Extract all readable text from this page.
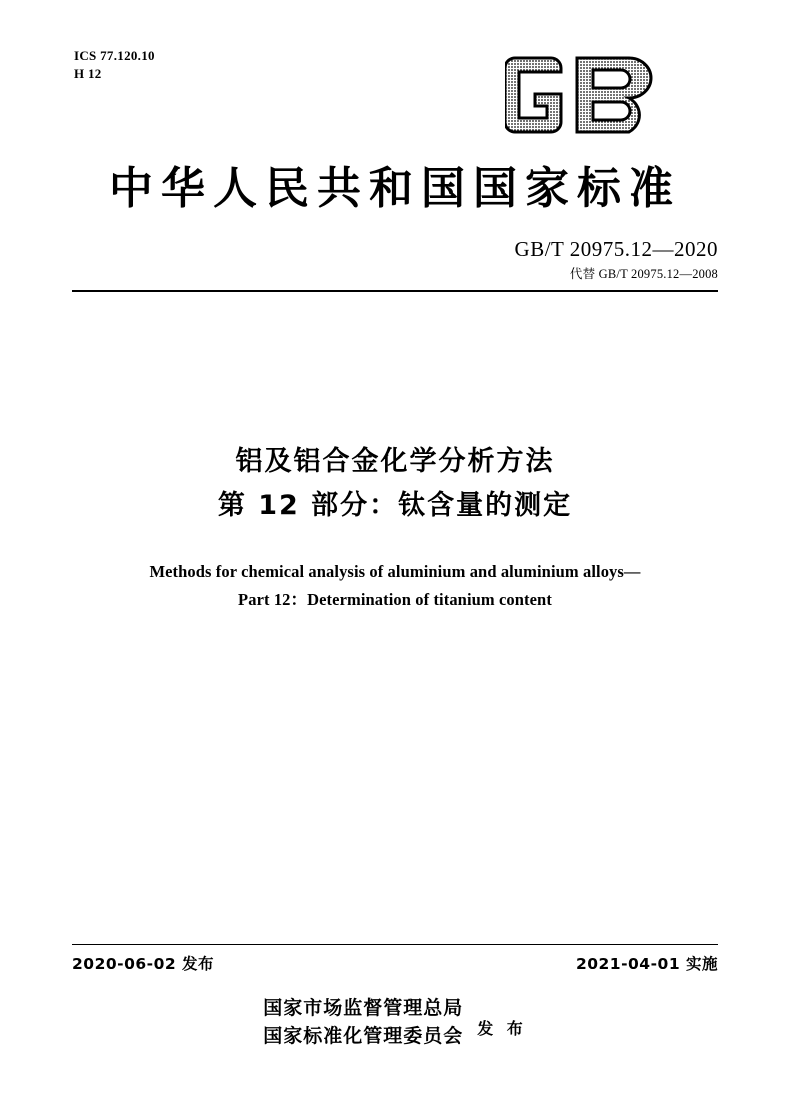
ICS 77.120.10
H 12
中华人民共和国国家标准
GB/T 20975.12—2020
代替 GB/T 20975.12—2008
铝及铝合金化学分析方法
第 12 部分：钛含量的测定
Methods for chemical analysis of aluminium and aluminium alloys—
Part 12：Determination of titanium content
2020-06-02 发布	2021-04-01 实施
国家市场监督管理总局
国家标准化管理委员会 发 布
